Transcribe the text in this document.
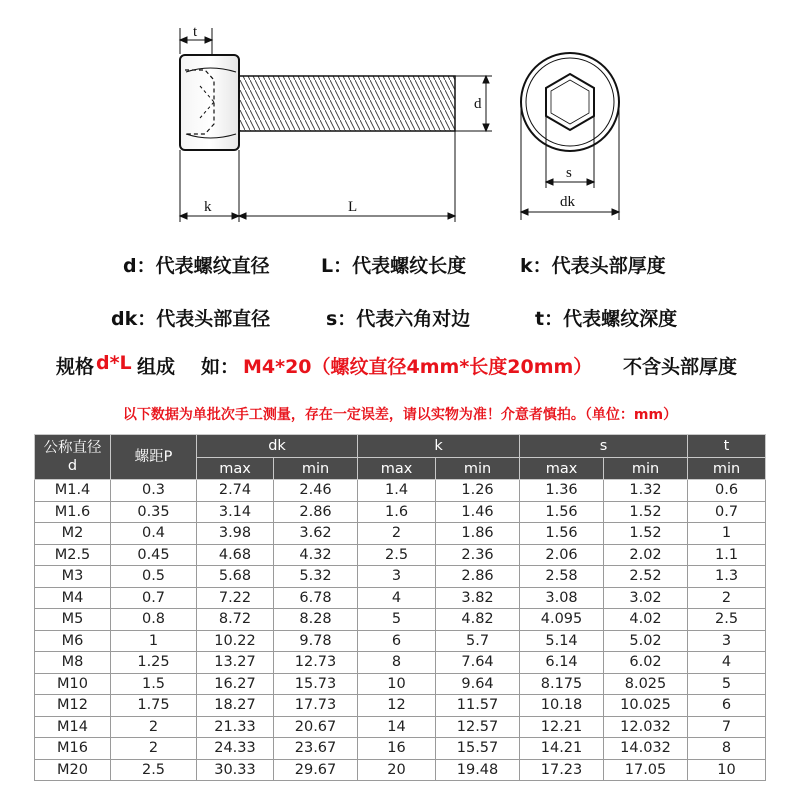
t
d
k	L
s
dk
d：代表螺纹直径	L：代表螺纹长度	k：代表头部厚度
dk：代表头部直径	s：代表六角对边	t：代表螺纹深度
规格 d*L 组成 如： M4*20（螺纹直径4mm*长度20mm） 不含头部厚度
以下数据为单批次手工测量，存在一定误差，请以实物为准！介意者慎拍。（单位：mm）
公称直径
d	螺距P	dk		k		s		t
		max	min	max	min	max	min	min
M1.4	0.3	2.74	2.46	1.4	1.26	1.36	1.32	0.6
M1.6	0.35	3.14	2.86	1.6	1.46	1.56	1.52	0.7
M2	0.4	3.98	3.62	2	1.86	1.56	1.52	1
M2.5	0.45	4.68	4.32	2.5	2.36	2.06	2.02	1.1
M3	0.5	5.68	5.32	3	2.86	2.58	2.52	1.3
M4	0.7	7.22	6.78	4	3.82	3.08	3.02	2
M5	0.8	8.72	8.28	5	4.82	4.095	4.02	2.5
M6	1	10.22	9.78	6	5.7	5.14	5.02	3
M8	1.25	13.27	12.73	8	7.64	6.14	6.02	4
M10	1.5	16.27	15.73	10	9.64	8.175	8.025	5
M12	1.75	18.27	17.73	12	11.57	10.18	10.025	6
M14	2	21.33	20.67	14	12.57	12.21	12.032	7
M16	2	24.33	23.67	16	15.57	14.21	14.032	8
M20	2.5	30.33	29.67	20	19.48	17.23	17.05	10
